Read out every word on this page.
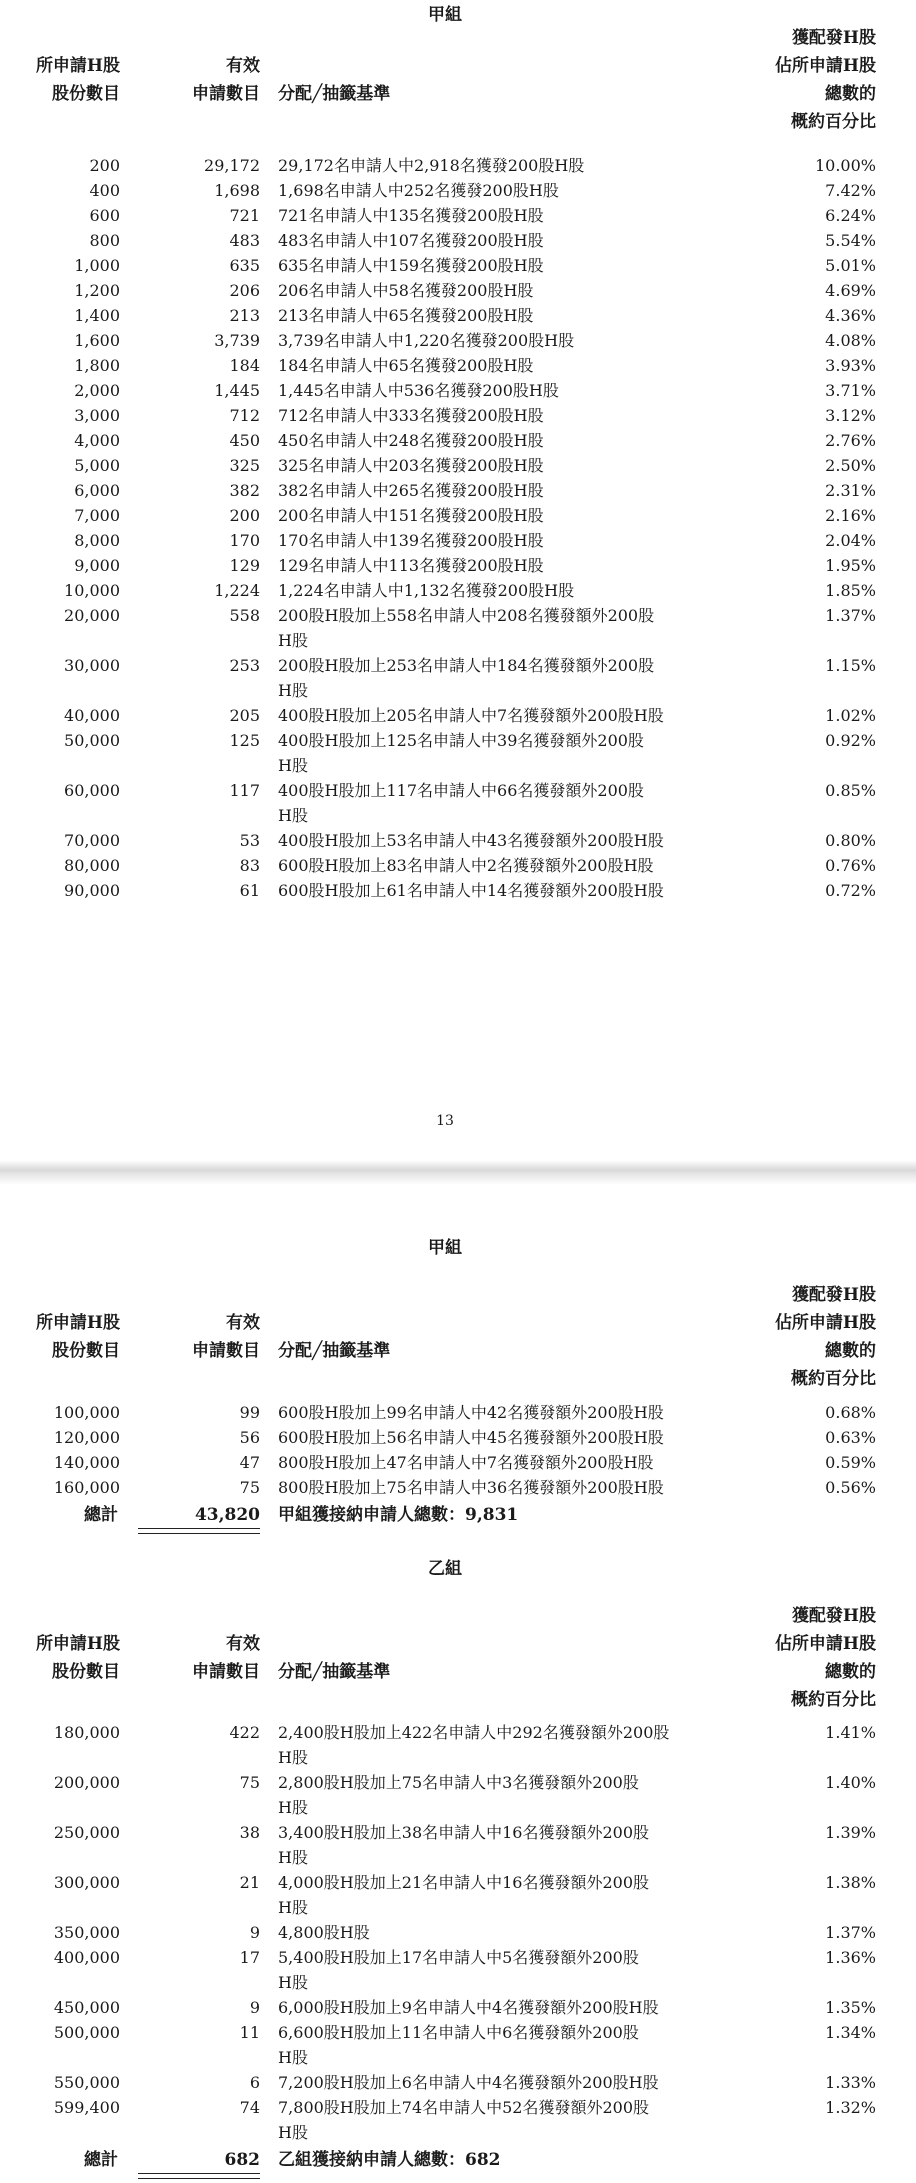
甲組
所申請H股
股份數目
有效
申請數目 分配╱抽籤基準
獲配發H股
佔所申請H股
總數的
概約百分比
200	29,172 29,172名申請人中2,918名獲發200股H股	10.00%
400	1,698 1,698名申請人中252名獲發200股H股	7.42%
600	721 721名申請人中135名獲發200股H股	6.24%
800	483 483名申請人中107名獲發200股H股	5.54%
1,000	635 635名申請人中159名獲發200股H股	5.01%
1,200	206 206名申請人中58名獲發200股H股	4.69%
1,400	213 213名申請人中65名獲發200股H股	4.36%
1,600	3,739 3,739名申請人中1,220名獲發200股H股	4.08%
1,800	184 184名申請人中65名獲發200股H股	3.93%
2,000	1,445 1,445名申請人中536名獲發200股H股	3.71%
3,000	712 712名申請人中333名獲發200股H股	3.12%
4,000	450 450名申請人中248名獲發200股H股	2.76%
5,000	325 325名申請人中203名獲發200股H股	2.50%
6,000	382 382名申請人中265名獲發200股H股	2.31%
7,000	200 200名申請人中151名獲發200股H股	2.16%
8,000	170 170名申請人中139名獲發200股H股	2.04%
9,000	129 129名申請人中113名獲發200股H股	1.95%
10,000	1,224 1,224名申請人中1,132名獲發200股H股	1.85%
20,000	558 200股H股加上558名申請人中208名獲發額外200股
H股
1.37%
30,000	253 200股H股加上253名申請人中184名獲發額外200股
H股
1.15%
40,000	205 400股H股加上205名申請人中7名獲發額外200股H股	1.02%
50,000	125 400股H股加上125名申請人中39名獲發額外200股
H股
0.92%
60,000	117 400股H股加上117名申請人中66名獲發額外200股
H股
0.85%
70,000	53 400股H股加上53名申請人中43名獲發額外200股H股	0.80%
80,000	83 600股H股加上83名申請人中2名獲發額外200股H股	0.76%
90,000	61 600股H股加上61名申請人中14名獲發額外200股H股	0.72%
13
甲組
所申請H股
股份數目
有效
申請數目 分配╱抽籤基準
獲配發H股
佔所申請H股
總數的
概約百分比
100,000	99 600股H股加上99名申請人中42名獲發額外200股H股	0.68%
120,000	56 600股H股加上56名申請人中45名獲發額外200股H股	0.63%
140,000	47 800股H股加上47名申請人中7名獲發額外200股H股	0.59%
160,000	75 800股H股加上75名申請人中36名獲發額外200股H股	0.56%
總計	43,820 甲組獲接納申請人總數：9,831
乙組
所申請H股
股份數目
有效
申請數目 分配╱抽籤基準
獲配發H股
佔所申請H股
總數的
概約百分比
180,000	422 2,400股H股加上422名申請人中292名獲發額外200股
H股
1.41%
200,000	75 2,800股H股加上75名申請人中3名獲發額外200股
H股
1.40%
250,000	38 3,400股H股加上38名申請人中16名獲發額外200股
H股
1.39%
300,000	21 4,000股H股加上21名申請人中16名獲發額外200股
H股
1.38%
350,000	9 4,800股H股	1.37%
400,000	17 5,400股H股加上17名申請人中5名獲發額外200股
H股
1.36%
450,000	9 6,000股H股加上9名申請人中4名獲發額外200股H股	1.35%
500,000	11 6,600股H股加上11名申請人中6名獲發額外200股
H股
1.34%
550,000	6 7,200股H股加上6名申請人中4名獲發額外200股H股	1.33%
599,400	74 7,800股H股加上74名申請人中52名獲發額外200股
H股
1.32%
總計	682 乙組獲接納申請人總數：682
